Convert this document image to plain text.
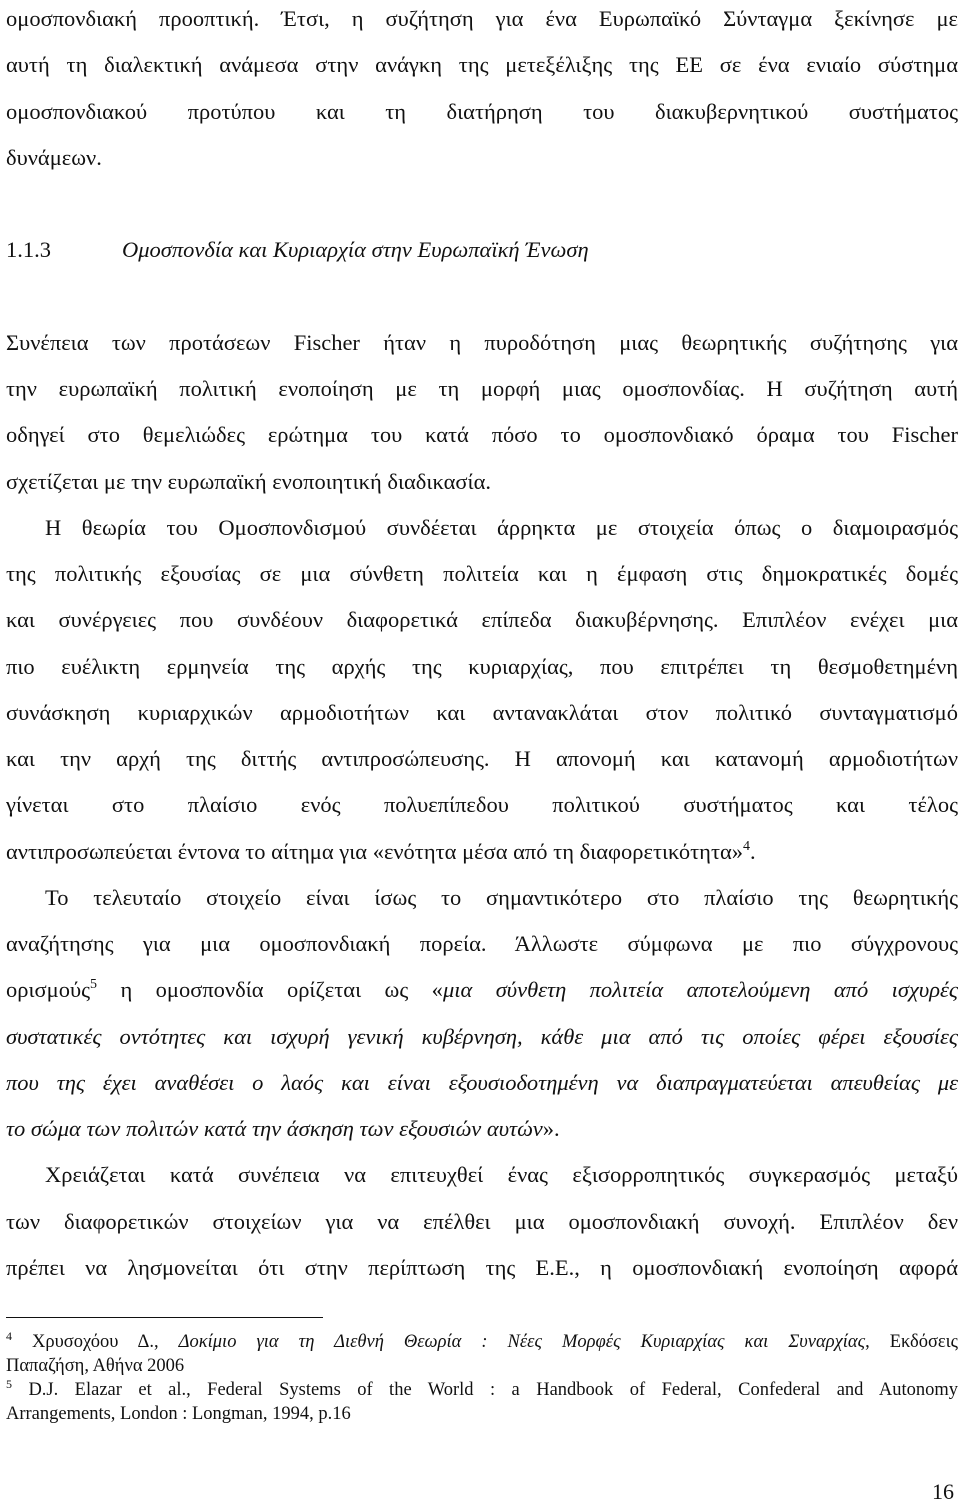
ομοσπονδιακή προοπτική. Έτσι, η συζήτηση για ένα Ευρωπαϊκό Σύνταγμα ξεκίνησε με
αυτή τη διαλεκτική ανάμεσα στην ανάγκη της μετεξέλιξης της ΕΕ σε ένα ενιαίο σύστημα
ομοσπονδιακού προτύπου και τη διατήρηση του διακυβερνητικού συστήματος
δυνάμεων.
1.1.3	Ομοσπονδία και Κυριαρχία στην Ευρωπαϊκή Ένωση
Συνέπεια των προτάσεων Fischer ήταν η πυροδότηση μιας θεωρητικής συζήτησης για
την ευρωπαϊκή πολιτική ενοποίηση με τη μορφή μιας ομοσπονδίας. Η συζήτηση αυτή
οδηγεί στο θεμελιώδες ερώτημα του κατά πόσο το ομοσπονδιακό όραμα του Fischer
σχετίζεται με την ευρωπαϊκή ενοποιητική διαδικασία.
Η θεωρία του Ομοσπονδισμού συνδέεται άρρηκτα με στοιχεία όπως ο διαμοιρασμός
της πολιτικής εξουσίας σε μια σύνθετη πολιτεία και η έμφαση στις δημοκρατικές δομές
και συνέργειες που συνδέουν διαφορετικά επίπεδα διακυβέρνησης. Επιπλέον ενέχει μια
πιο ευέλικτη ερμηνεία της αρχής της κυριαρχίας, που επιτρέπει τη θεσμοθετημένη
συνάσκηση κυριαρχικών αρμοδιοτήτων και αντανακλάται στον πολιτικό συνταγματισμό
και την αρχή της διττής αντιπροσώπευσης. Η απονομή και κατανομή αρμοδιοτήτων
γίνεται στο πλαίσιο ενός πολυεπίπεδου πολιτικού συστήματος και τέλος
αντιπροσωπεύεται έντονα το αίτημα για «ενότητα μέσα από τη διαφορετικότητα»$^4$.
Το τελευταίο στοιχείο είναι ίσως το σημαντικότερο στο πλαίσιο της θεωρητικής
αναζήτησης για μια ομοσπονδιακή πορεία. Άλλωστε σύμφωνα με πιο σύγχρονους
ορισμούς$^5$ η ομοσπονδία ορίζεται ως «μια σύνθετη πολιτεία αποτελούμενη από ισχυρές
συστατικές οντότητες και ισχυρή γενική κυβέρνηση, κάθε μια από τις οποίες φέρει εξουσίες
που της έχει αναθέσει ο λαός και είναι εξουσιοδοτημένη να διαπραγματεύεται απευθείας με
το σώμα των πολιτών κατά την άσκηση των εξουσιών αυτών».
Χρειάζεται κατά συνέπεια να επιτευχθεί ένας εξισορροπητικός συγκερασμός μεταξύ
των διαφορετικών στοιχείων για να επέλθει μια ομοσπονδιακή συνοχή. Επιπλέον δεν
πρέπει να λησμονείται ότι στην περίπτωση της Ε.Ε., η ομοσπονδιακή ενοποίηση αφορά
$^4$ Χρυσοχόου Δ., Δοκίμιο για τη Διεθνή Θεωρία : Νέες Μορφές Κυριαρχίας και Συναρχίας, Εκδόσεις
Παπαζήση, Αθήνα 2006
$^5$ D.J. Elazar et al., Federal Systems of the World : a Handbook of Federal, Confederal and Autonomy
Arrangements, London : Longman, 1994, p.16
16
